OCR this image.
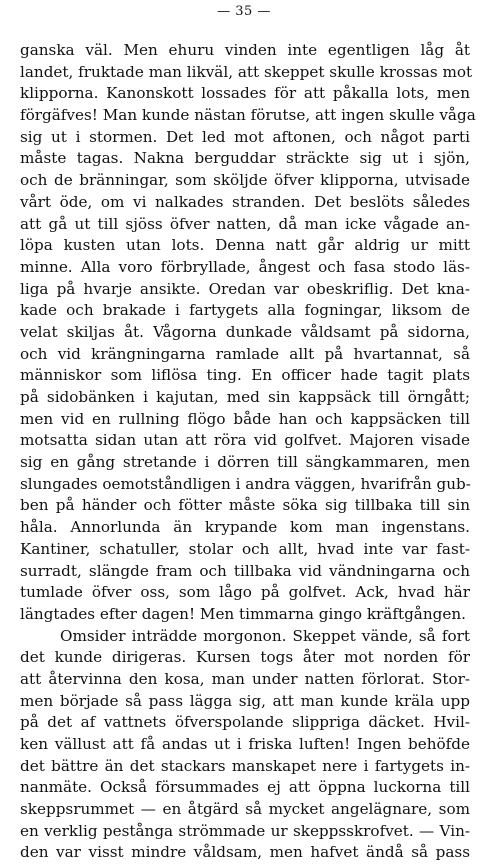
— 35 —
ganska väl. Men ehuru vinden inte egentligen låg åt
landet, fruktade man likväl, att skeppet skulle krossas mot
klipporna. Kanonskott lossades för att påkalla lots, men
förgäfves! Man kunde nästan förutse, att ingen skulle våga
sig ut i stormen. Det led mot aftonen, och något parti
måste tagas. Nakna berguddar sträckte sig ut i sjön,
och de bränningar, som sköljde öfver klipporna, utvisade
vårt öde, om vi nalkades stranden. Det beslöts således
att gå ut till sjöss öfver natten, då man icke vågade an-
löpa kusten utan lots. Denna natt går aldrig ur mitt
minne. Alla voro förbryllade, ångest och fasa stodo läs-
liga på hvarje ansikte. Oredan var obeskriflig. Det kna-
kade och brakade i fartygets alla fogningar, liksom de
velat skiljas åt. Vågorna dunkade våldsamt på sidorna,
och vid krängningarna ramlade allt på hvartannat, så
människor som liflösa ting. En officer hade tagit plats
på sidobänken i kajutan, med sin kappsäck till örngått;
men vid en rullning flögo både han och kappsäcken till
motsatta sidan utan att röra vid golfvet. Majoren visade
sig en gång stretande i dörren till sängkammaren, men
slungades oemotståndligen i andra väggen, hvarifrån gub-
ben på händer och fötter måste söka sig tillbaka till sin
håla. Annorlunda än krypande kom man ingenstans.
Kantiner, schatuller, stolar och allt, hvad inte var fast-
surradt, slängde fram och tillbaka vid vändningarna och
tumlade öfver oss, som lågo på golfvet. Ack, hvad här
längtades efter dagen! Men timmarna gingo kräftgången.
Omsider inträdde morgonon. Skeppet vände, så fort
det kunde dirigeras. Kursen togs åter mot norden för
att återvinna den kosa, man under natten förlorat. Stor-
men började så pass lägga sig, att man kunde kräla upp
på det af vattnets öfverspolande slippriga däcket. Hvil-
ken vällust att få andas ut i friska luften! Ingen behöfde
det bättre än det stackars manskapet nere i fartygets in-
nanmäte. Också försummades ej att öppna luckorna till
skeppsrummet — en åtgärd så mycket angelägnare, som
en verklig pestånga strömmade ur skeppsskrofvet. — Vin-
den var visst mindre våldsam, men hafvet ändå så pass
